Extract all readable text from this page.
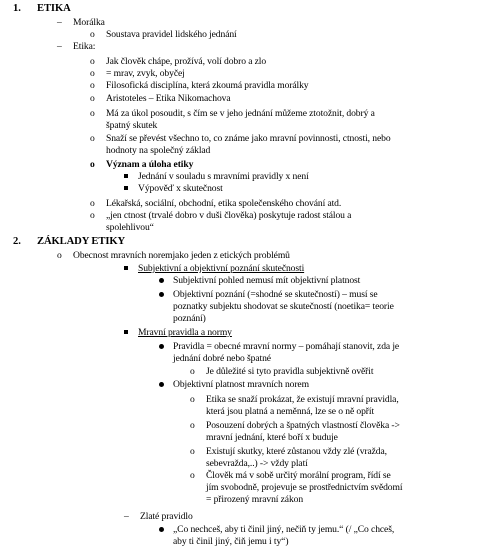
1. ETIKA
– Morálka
o Soustava pravidel lidského jednání
– Etika:
o Jak člověk chápe, prožívá, volí dobro a zlo
o = mrav, zvyk, obyčej
o Filosofická disciplína, která zkoumá pravidla morálky
o Aristoteles – Etika Nikomachova
o Má za úkol posoudit, s čím se v jeho jednání můžeme ztotožnit, dobrý a
špatný skutek
o Snaží se převést všechno to, co známe jako mravní povinnosti, ctnosti, nebo
hodnoty na společný základ
o Význam a úloha etiky
Jednání v souladu s mravními pravidly x není
Výpověď x skutečnost
o Lékařská, sociální, obchodní, etika společenského chování atd.
o „jen ctnost (trvalé dobro v duši člověka) poskytuje radost stálou a
spolehlivou“
2. ZÁKLADY ETIKY
o Obecnost mravních noremjako jeden z etických problémů
Subjektivní a objektivní poznání skutečnosti
Subjektivní pohled nemusí mít objektivní platnost
Objektivní poznání (=shodné se skutečností) – musí se
poznatky subjektu shodovat se skutečností (noetika= teorie
poznání)
Mravní pravidla a normy
Pravidla = obecné mravní normy – pomáhají stanovit, zda je
jednání dobré nebo špatné
o Je důležité si tyto pravidla subjektivně ověřit
Objektivní platnost mravních norem
o Etika se snaží prokázat, že existují mravní pravidla,
která jsou platná a neměnná, lze se o ně opřít
o Posouzení dobrých a špatných vlastností člověka ->
mravní jednání, které boří x buduje
o Existují skutky, které zůstanou vždy zlé (vražda,
sebevražda,..) -> vždy platí
o Člověk má v sobě určitý morální program, řídí se
jím svobodně, projevuje se prostřednictvím svědomí
= přirozený mravní zákon
– Zlaté pravidlo
„Co nechceš, aby ti činil jiný, nečiň ty jemu.“ (/ „Co chceš,
aby ti činil jiný, čiň jemu i ty“)
